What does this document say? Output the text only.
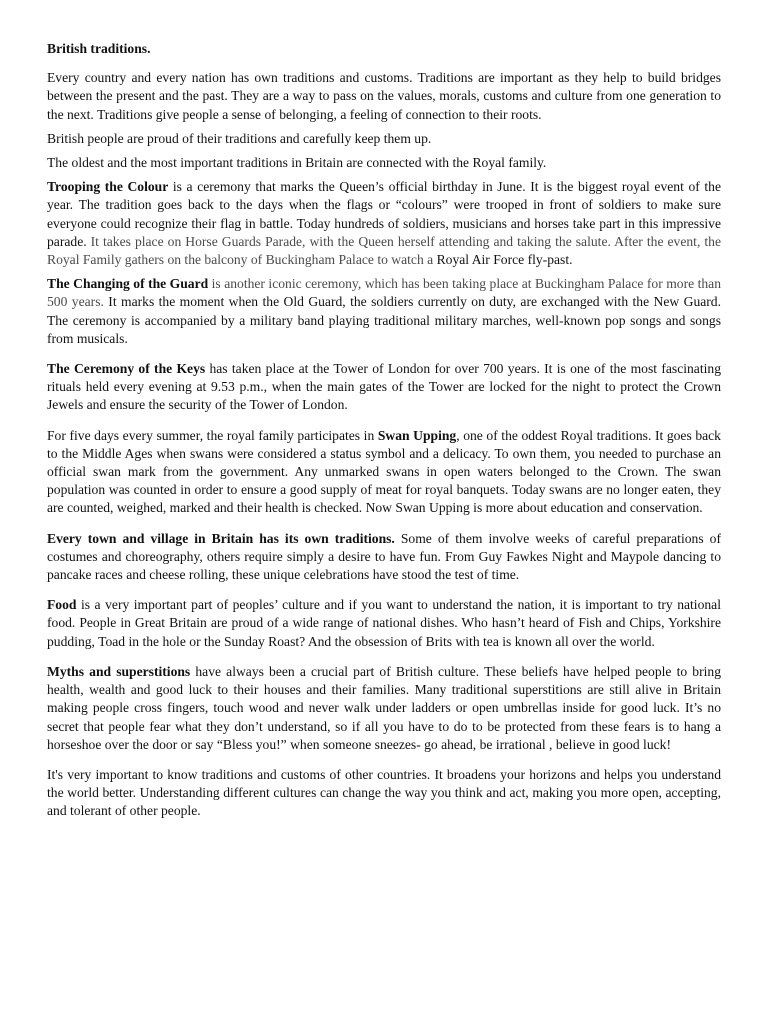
British traditions.

Every country and every nation has own traditions and customs. Traditions are important as they help to build bridges between the present and the past. They are a way to pass on the values, morals, customs and culture from one generation to the next. Traditions give people a sense of belonging, a feeling of connection to their roots.

British people are proud of their traditions and carefully keep them up.

The oldest and the most important traditions in Britain are connected with the Royal family.

Trooping the Colour is a ceremony that marks the Queen’s official birthday in June. It is the biggest royal event of the year. The tradition goes back to the days when the flags or “colours” were trooped in front of soldiers to make sure everyone could recognize their flag in battle. Today hundreds of soldiers, musicians and horses take part in this impressive parade. It takes place on Horse Guards Parade, with the Queen herself attending and taking the salute. After the event, the Royal Family gathers on the balcony of Buckingham Palace to watch a Royal Air Force fly-past.

The Changing of the Guard is another iconic ceremony, which has been taking place at Buckingham Palace for more than 500 years. It marks the moment when the Old Guard, the soldiers currently on duty, are exchanged with the New Guard. The ceremony is accompanied by a military band playing traditional military marches, well-known pop songs and songs from musicals.

The Ceremony of the Keys has taken place at the Tower of London for over 700 years. It is one of the most fascinating rituals held every evening at 9.53 p.m., when the main gates of the Tower are locked for the night to protect the Crown Jewels and ensure the security of the Tower of London.

For five days every summer, the royal family participates in Swan Upping, one of the oddest Royal traditions. It goes back to the Middle Ages when swans were considered a status symbol and a delicacy. To own them, you needed to purchase an official swan mark from the government. Any unmarked swans in open waters belonged to the Crown. The swan population was counted in order to ensure a good supply of meat for royal banquets. Today swans are no longer eaten, they are counted, weighed, marked and their health is checked. Now Swan Upping is more about education and conservation.

Every town and village in Britain has its own traditions. Some of them involve weeks of careful preparations of costumes and choreography, others require simply a desire to have fun. From Guy Fawkes Night and Maypole dancing to pancake races and cheese rolling, these unique celebrations have stood the test of time.

Food is a very important part of peoples’ culture and if you want to understand the nation, it is important to try national food. People in Great Britain are proud of a wide range of national dishes. Who hasn’t heard of Fish and Chips, Yorkshire pudding, Toad in the hole or the Sunday Roast? And the obsession of Brits with tea is known all over the world.

Myths and superstitions have always been a crucial part of British culture. These beliefs have helped people to bring health, wealth and good luck to their houses and their families. Many traditional superstitions are still alive in Britain making people cross fingers, touch wood and never walk under ladders or open umbrellas inside for good luck. It’s no secret that people fear what they don’t understand, so if all you have to do to be protected from these fears is to hang a horseshoe over the door or say “Bless you!” when someone sneezes- go ahead, be irrational , believe in good luck!

It's very important to know traditions and customs of other countries. It broadens your horizons and helps you understand the world better. Understanding different cultures can change the way you think and act, making you more open, accepting, and tolerant of other people.
